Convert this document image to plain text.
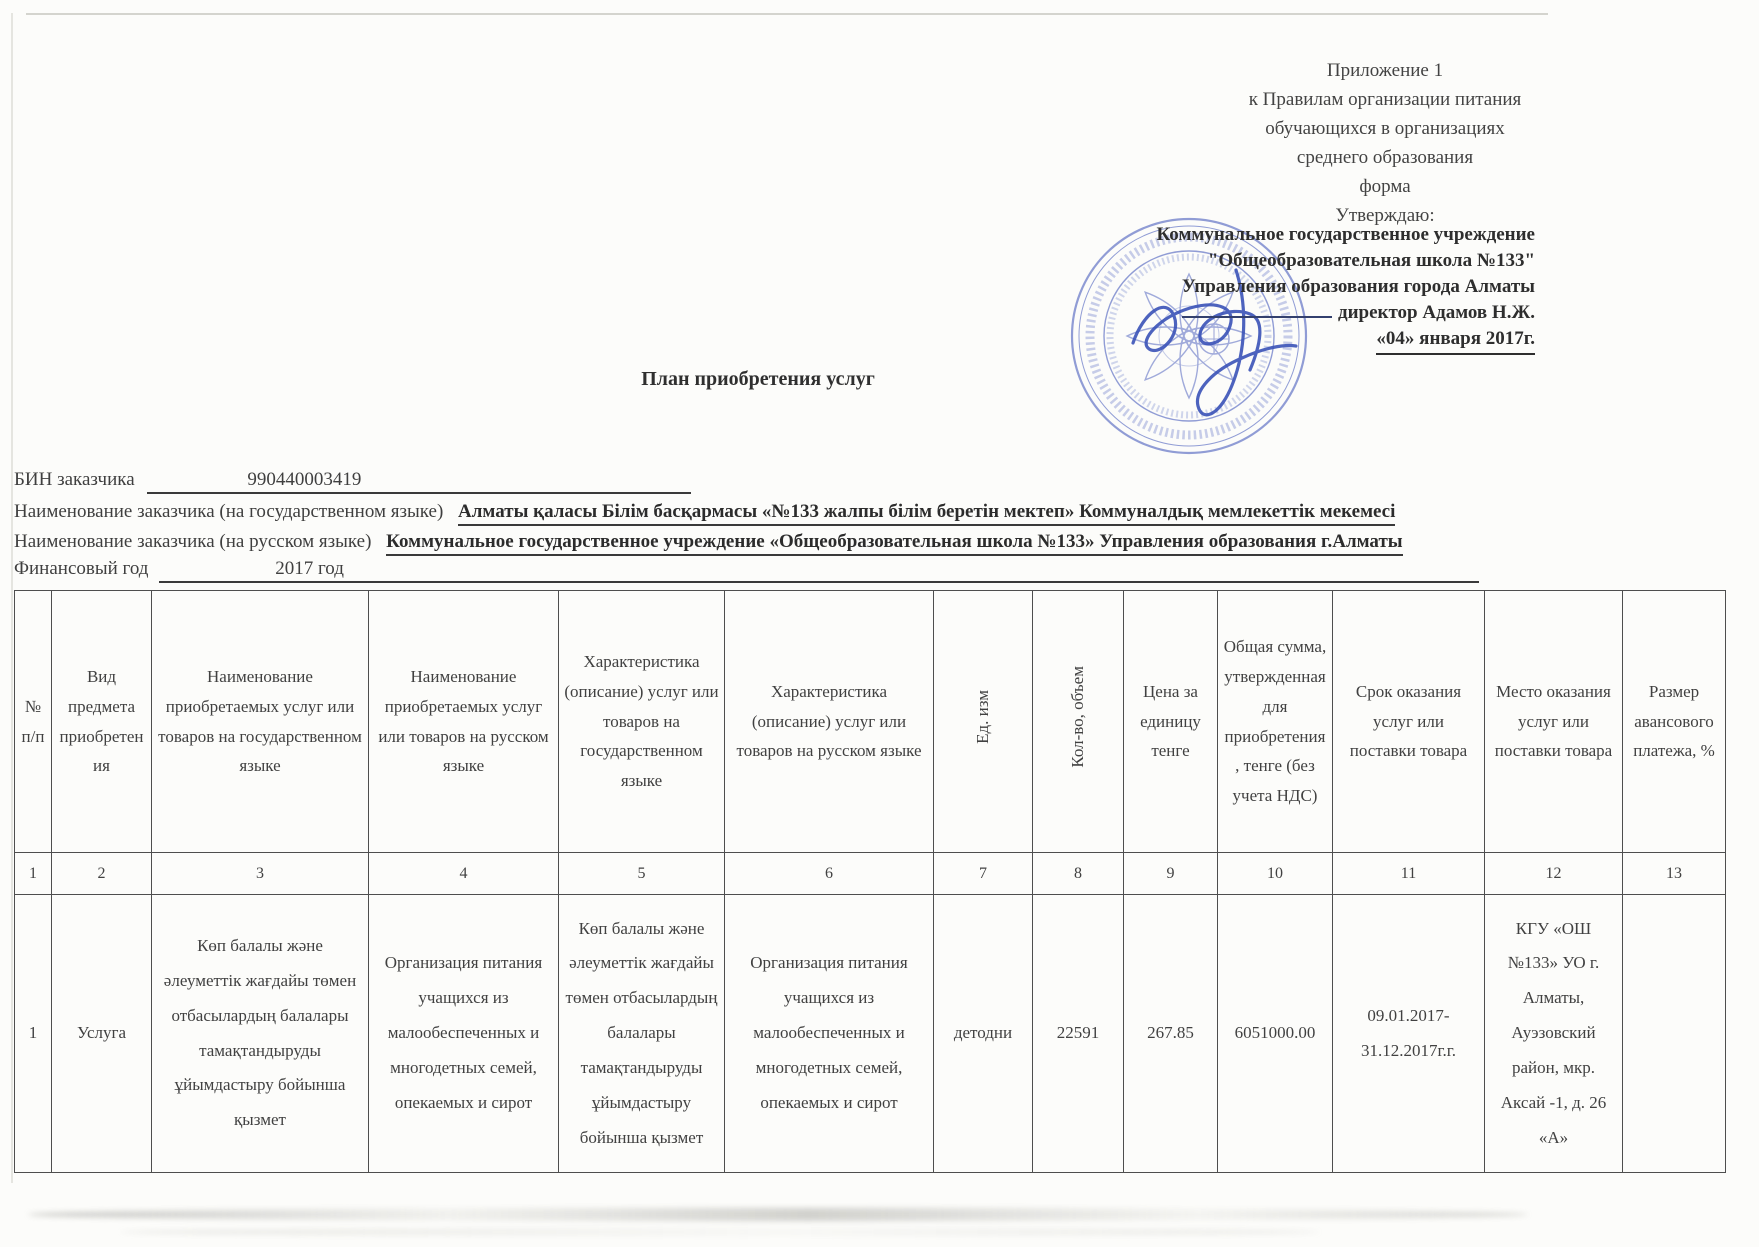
Приложение 1
к Правилам организации питания
обучающихся в организациях
среднего образования
форма
Утверждаю:
Коммунальное государственное учреждение
"Общеобразовательная школа №133"
Управления образования города Алматы
директор Адамов Н.Ж.
«04» января 2017г.
План приобретения услуг
БИН заказчика	990440003419
Наименование заказчика (на государственном языке) Алматы қаласы Білім басқармасы «№133 жалпы білім беретін мектеп» Коммуналдық мемлекеттік мекемесі
Наименование заказчика (на русском языке) Коммунальное государственное учреждение «Общеобразовательная школа №133» Управления образования г.Алматы
Финансовый год	2017 год
№ п/п	Вид предмета приобретения	Наименование приобретаемых услуг или товаров на государственном языке	Наименование приобретаемых услуг или товаров на русском языке	Характеристика (описание) услуг или товаров на государственном языке	Характеристика (описание) услуг или товаров на русском языке	Ед. изм	Кол-во, объем	Цена за единицу тенге	Общая сумма, утвержденная для приобретения, тенге (без учета НДС)	Срок оказания услуг или поставки товара	Место оказания услуг или поставки товара	Размер авансового платежа, %
1	2	3	4	5	6	7	8	9	10	11	12	13
1	Услуга	Көп балалы және әлеуметтік жағдайы төмен отбасылардың балалары тамақтандыруды ұйымдастыру бойынша қызмет	Организация питания учащихся из малообеспеченных и многодетных семей, опекаемых и сирот	Көп балалы және әлеуметтік жағдайы төмен отбасылардың балалары тамақтандыруды ұйымдастыру бойынша қызмет	Организация питания учащихся из малообеспеченных и многодетных семей, опекаемых и сирот	детодни	22591	267.85	6051000.00	09.01.2017-31.12.2017г.г.	КГУ «ОШ №133» УО г. Алматы, Ауэзовский район, мкр. Аксай -1, д. 26 «А»	
